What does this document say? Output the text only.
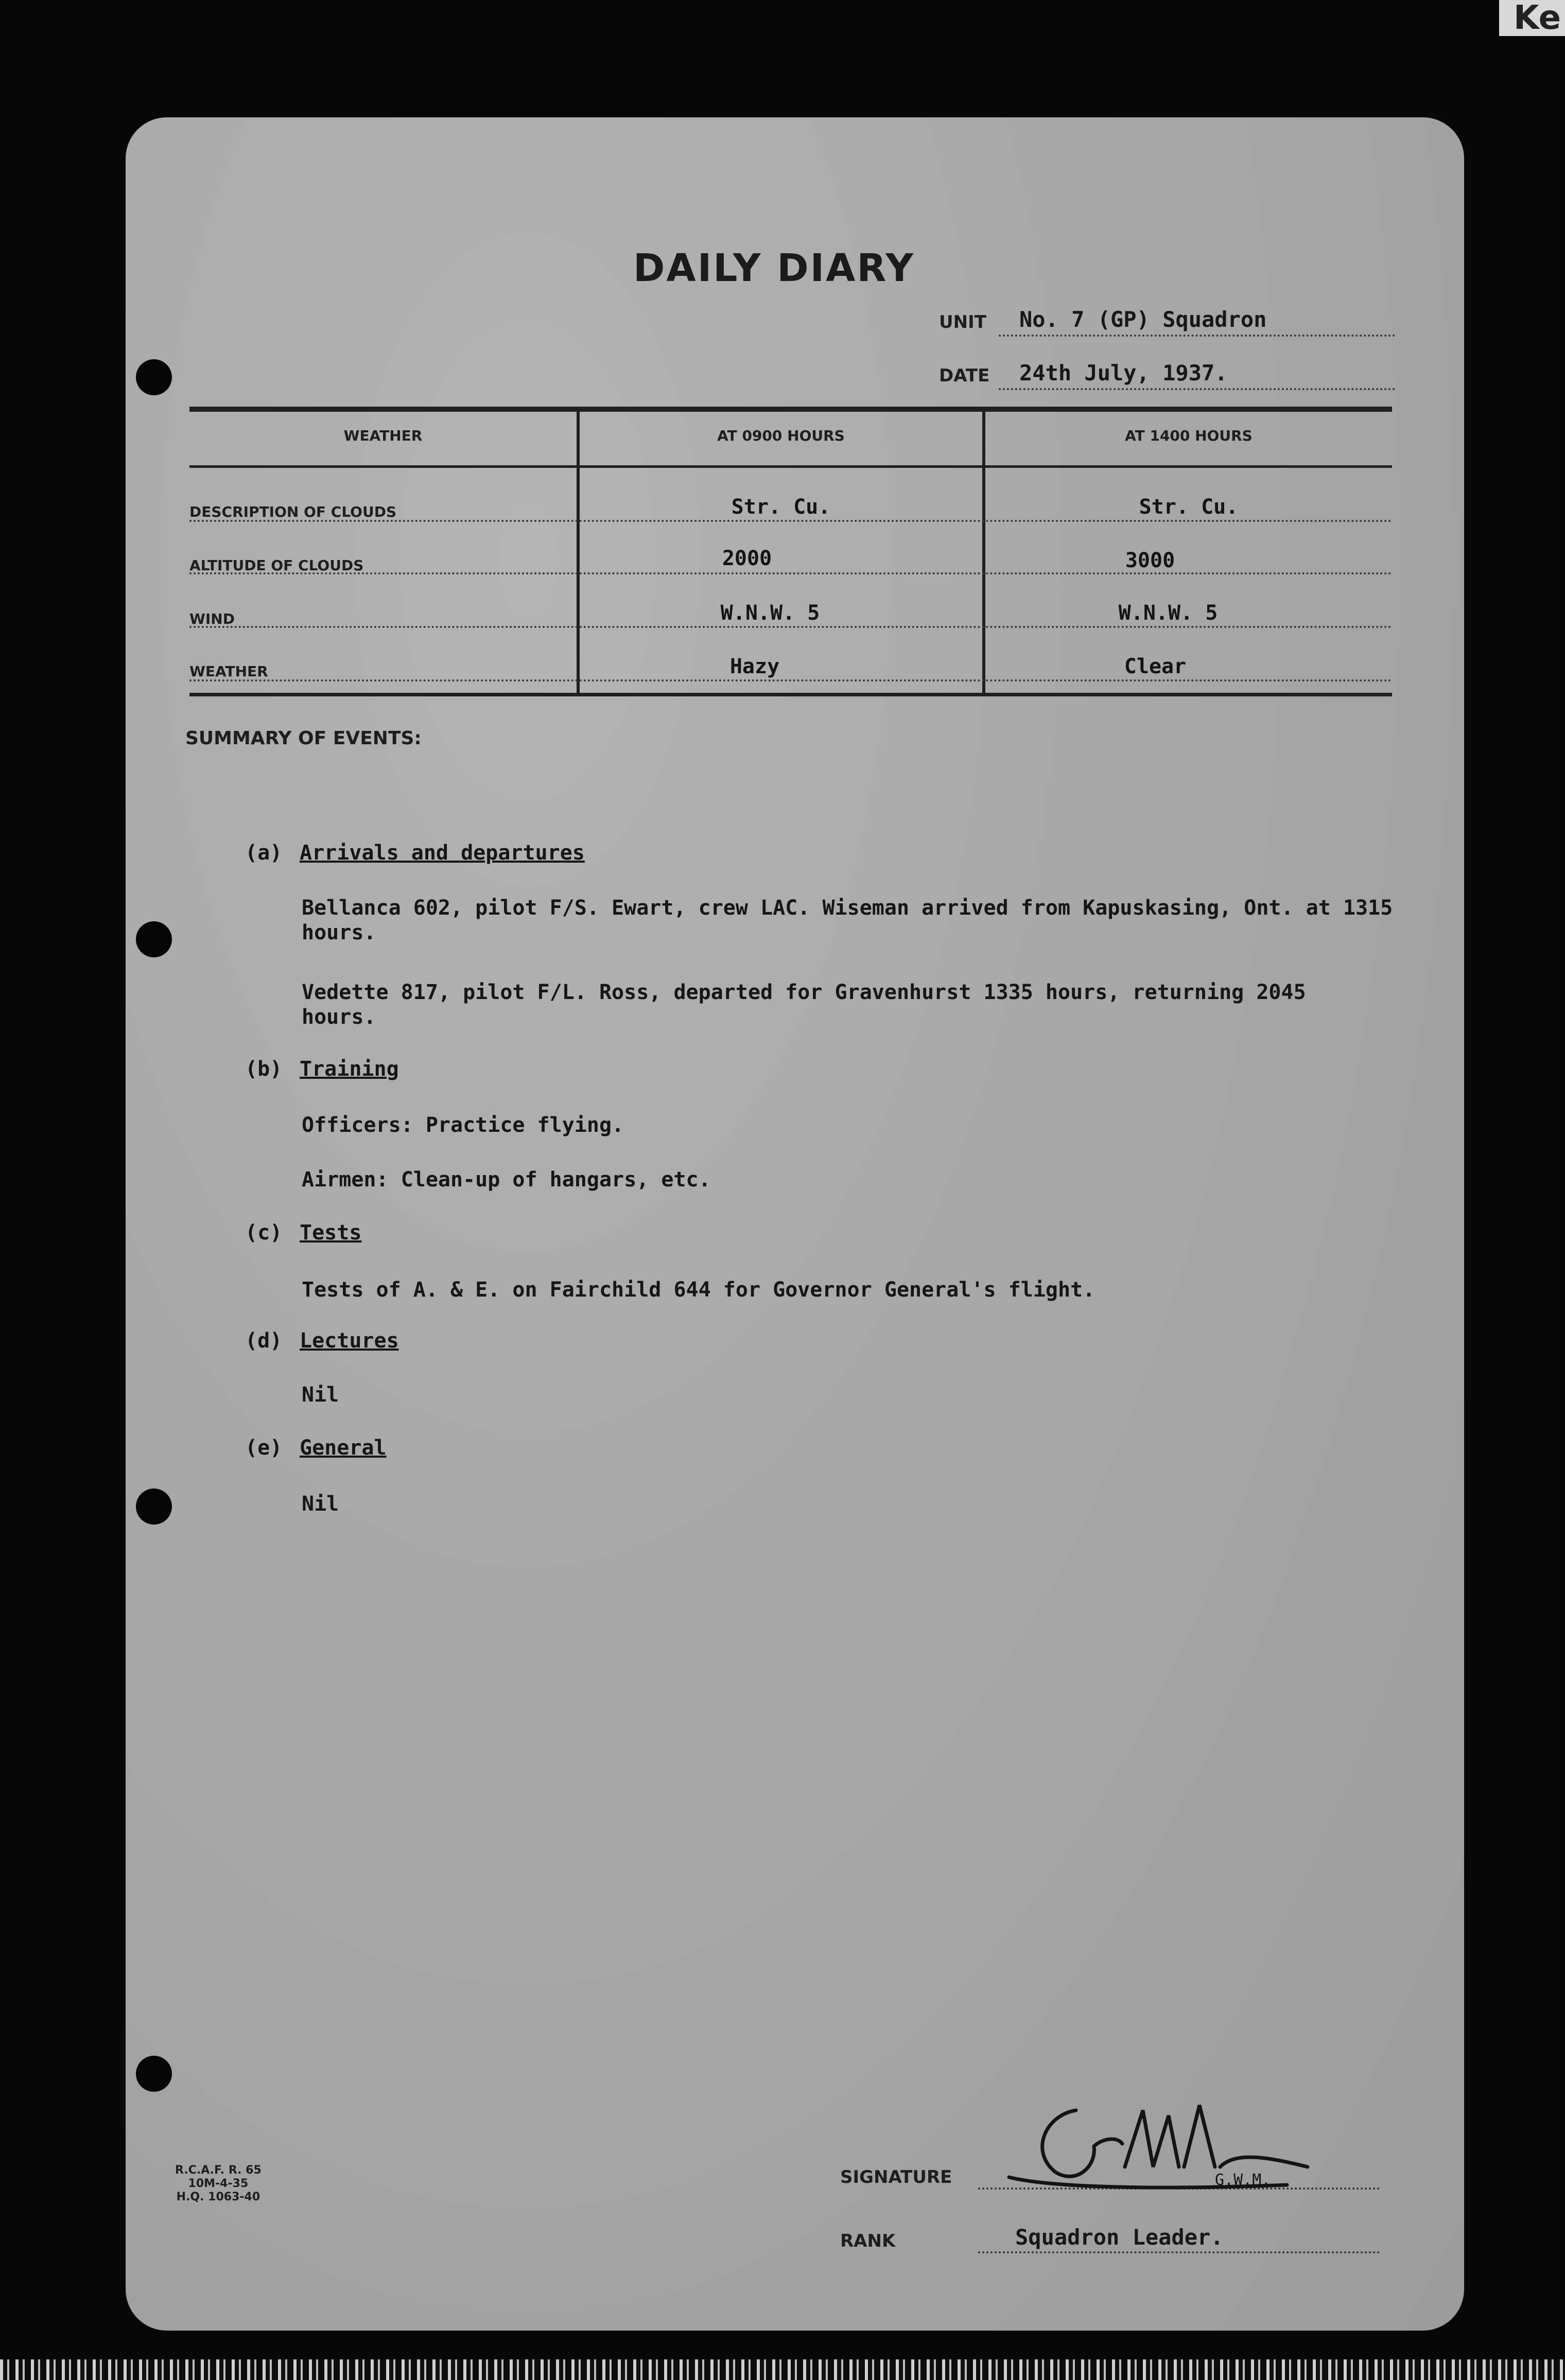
Ke
DAILY DIARY
UNIT No. 7 (GP) Squadron
DATE 24th July, 1937.
WEATHER	AT 0900 HOURS	AT 1400 HOURS
DESCRIPTION OF CLOUDS	Str. Cu.	Str. Cu.
ALTITUDE OF CLOUDS	2000	3000
WIND	W.N.W. 5	W.N.W. 5
WEATHER	Hazy	Clear
SUMMARY OF EVENTS:
(a) Arrivals and departures
Bellanca 602, pilot F/S. Ewart, crew LAC. Wiseman arrived from Kapuskasing, Ont. at 1315 hours.
Vedette 817, pilot F/L. Ross, departed for Gravenhurst 1335 hours, returning 2045 hours.
(b) Training
Officers: Practice flying.
Airmen: Clean-up of hangars, etc.
(c) Tests
Tests of A. & E. on Fairchild 644 for Governor General's flight.
(d) Lectures
Nil
(e) General
Nil
R.C.A.F. R. 65
10M-4-35
H.Q. 1063-40
SIGNATURE	G.W.M.
RANK	Squadron Leader.
